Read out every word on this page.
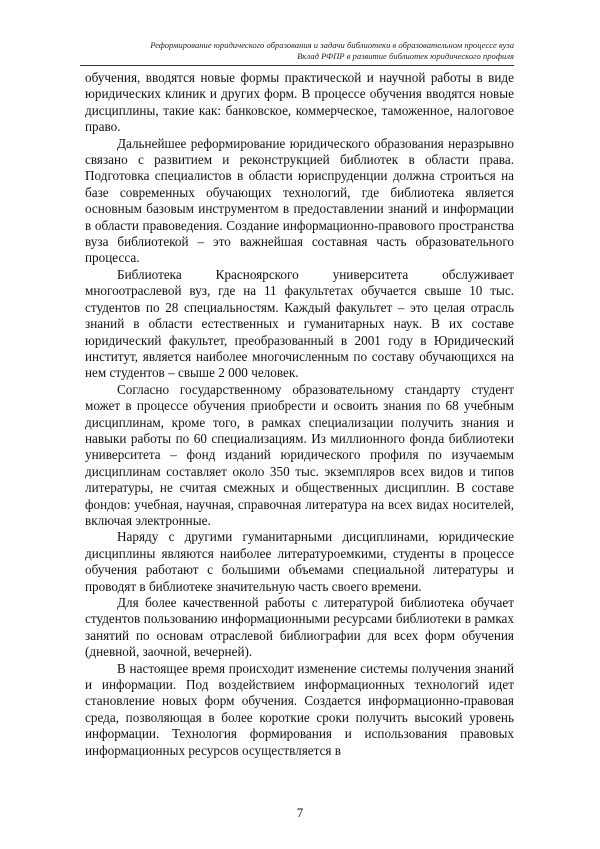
Реформирование юридического образования и задачи библиотеки в образовательном процессе вуза
Вклад РФПР в развитие библиотек юридического профиля

обучения, вводятся новые формы практической и научной работы в виде юридических клиник и других форм. В процессе обучения вводятся новые дисциплины, такие как: банковское, коммерческое, таможенное, налоговое право.

Дальнейшее реформирование юридического образования неразрывно связано с развитием и реконструкцией библиотек в области права. Подготовка специалистов в области юриспруденции должна строиться на базе современных обучающих технологий, где библиотека является основным базовым инструментом в предоставлении знаний и информации в области правоведения. Создание информационно-правового пространства вуза библиотекой – это важнейшая составная часть образовательного процесса.

Библиотека Красноярского университета обслуживает многоотраслевой вуз, где на 11 факультетах обучается свыше 10 тыс. студентов по 28 специальностям. Каждый факультет – это целая отрасль знаний в области естественных и гуманитарных наук. В их составе юридический факультет, преобразованный в 2001 году в Юридический институт, является наиболее многочисленным по составу обучающихся на нем студентов – свыше 2 000 человек.

Согласно государственному образовательному стандарту студент может в процессе обучения приобрести и освоить знания по 68 учебным дисциплинам, кроме того, в рамках специализации получить знания и навыки работы по 60 специализациям. Из миллионного фонда библиотеки университета – фонд изданий юридического профиля по изучаемым дисциплинам составляет около 350 тыс. экземпляров всех видов и типов литературы, не считая смежных и общественных дисциплин. В составе фондов: учебная, научная, справочная литература на всех видах носителей, включая электронные.

Наряду с другими гуманитарными дисциплинами, юридические дисциплины являются наиболее литературоемкими, студенты в процессе обучения работают с большими объемами специальной литературы и проводят в библиотеке значительную часть своего времени.

Для более качественной работы с литературой библиотека обучает студентов пользованию информационными ресурсами библиотеки в рамках занятий по основам отраслевой библиографии для всех форм обучения (дневной, заочной, вечерней).

В настоящее время происходит изменение системы получения знаний и информации. Под воздействием информационных технологий идет становление новых форм обучения. Создается информационно-правовая среда, позволяющая в более короткие сроки получить высокий уровень информации. Технология формирования и использования правовых информационных ресурсов осуществляется в

7
